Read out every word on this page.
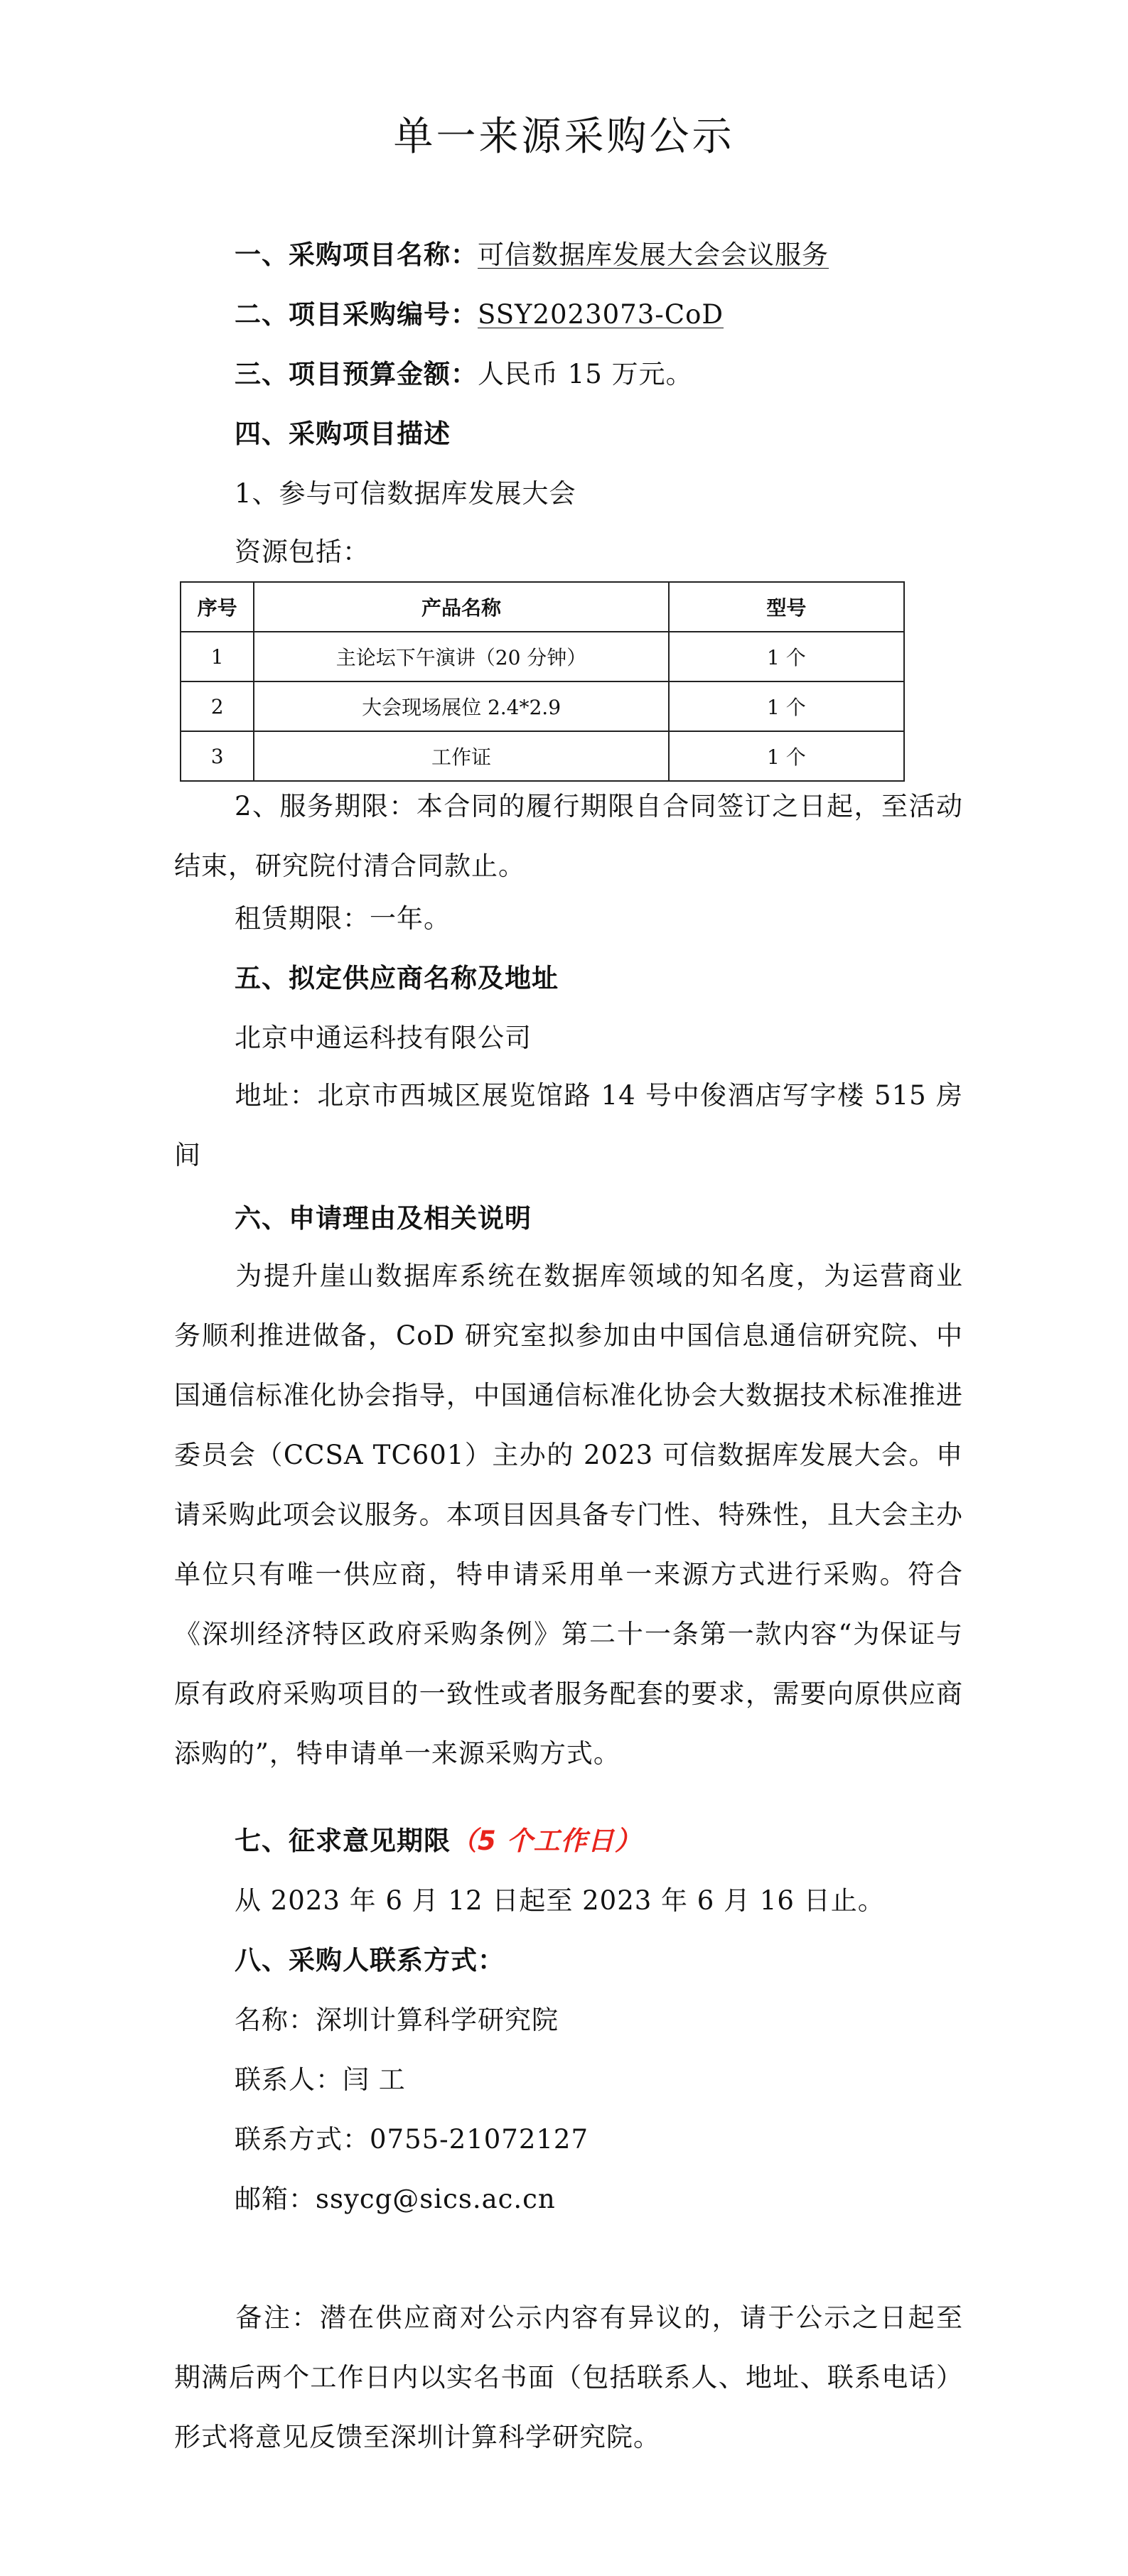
单一来源采购公示
一、采购项目名称：可信数据库发展大会会议服务
二、项目采购编号：SSY2023073-CoD
三、项目预算金额：人民币 15 万元。
四、采购项目描述
1、参与可信数据库发展大会
资源包括：
序号	产品名称	型号
1	主论坛下午演讲（20 分钟）	1 个
2	大会现场展位 2.4*2.9	1 个
3	工作证	1 个
2、服务期限：本合同的履行期限自合同签订之日起，至活动结束，研究院付清合同款止。
租赁期限：一年。
五、拟定供应商名称及地址
北京中通运科技有限公司
地址：北京市西城区展览馆路 14 号中俊酒店写字楼 515 房间
六、申请理由及相关说明
为提升崖山数据库系统在数据库领域的知名度，为运营商业务顺利推进做备，CoD 研究室拟参加由中国信息通信研究院、中国通信标准化协会指导，中国通信标准化协会大数据技术标准推进委员会（CCSA TC601）主办的 2023 可信数据库发展大会。申请采购此项会议服务。本项目因具备专门性、特殊性，且大会主办单位只有唯一供应商，特申请采用单一来源方式进行采购。符合《深圳经济特区政府采购条例》第二十一条第一款内容“为保证与原有政府采购项目的一致性或者服务配套的要求，需要向原供应商添购的”，特申请单一来源采购方式。
七、征求意见期限（5 个工作日）
从 2023 年 6 月 12 日起至 2023 年 6 月 16 日止。
八、采购人联系方式：
名称：深圳计算科学研究院
联系人：闫 工
联系方式：0755-21072127
邮箱：ssycg@sics.ac.cn
备注：潜在供应商对公示内容有异议的，请于公示之日起至期满后两个工作日内以实名书面（包括联系人、地址、联系电话）形式将意见反馈至深圳计算科学研究院。
